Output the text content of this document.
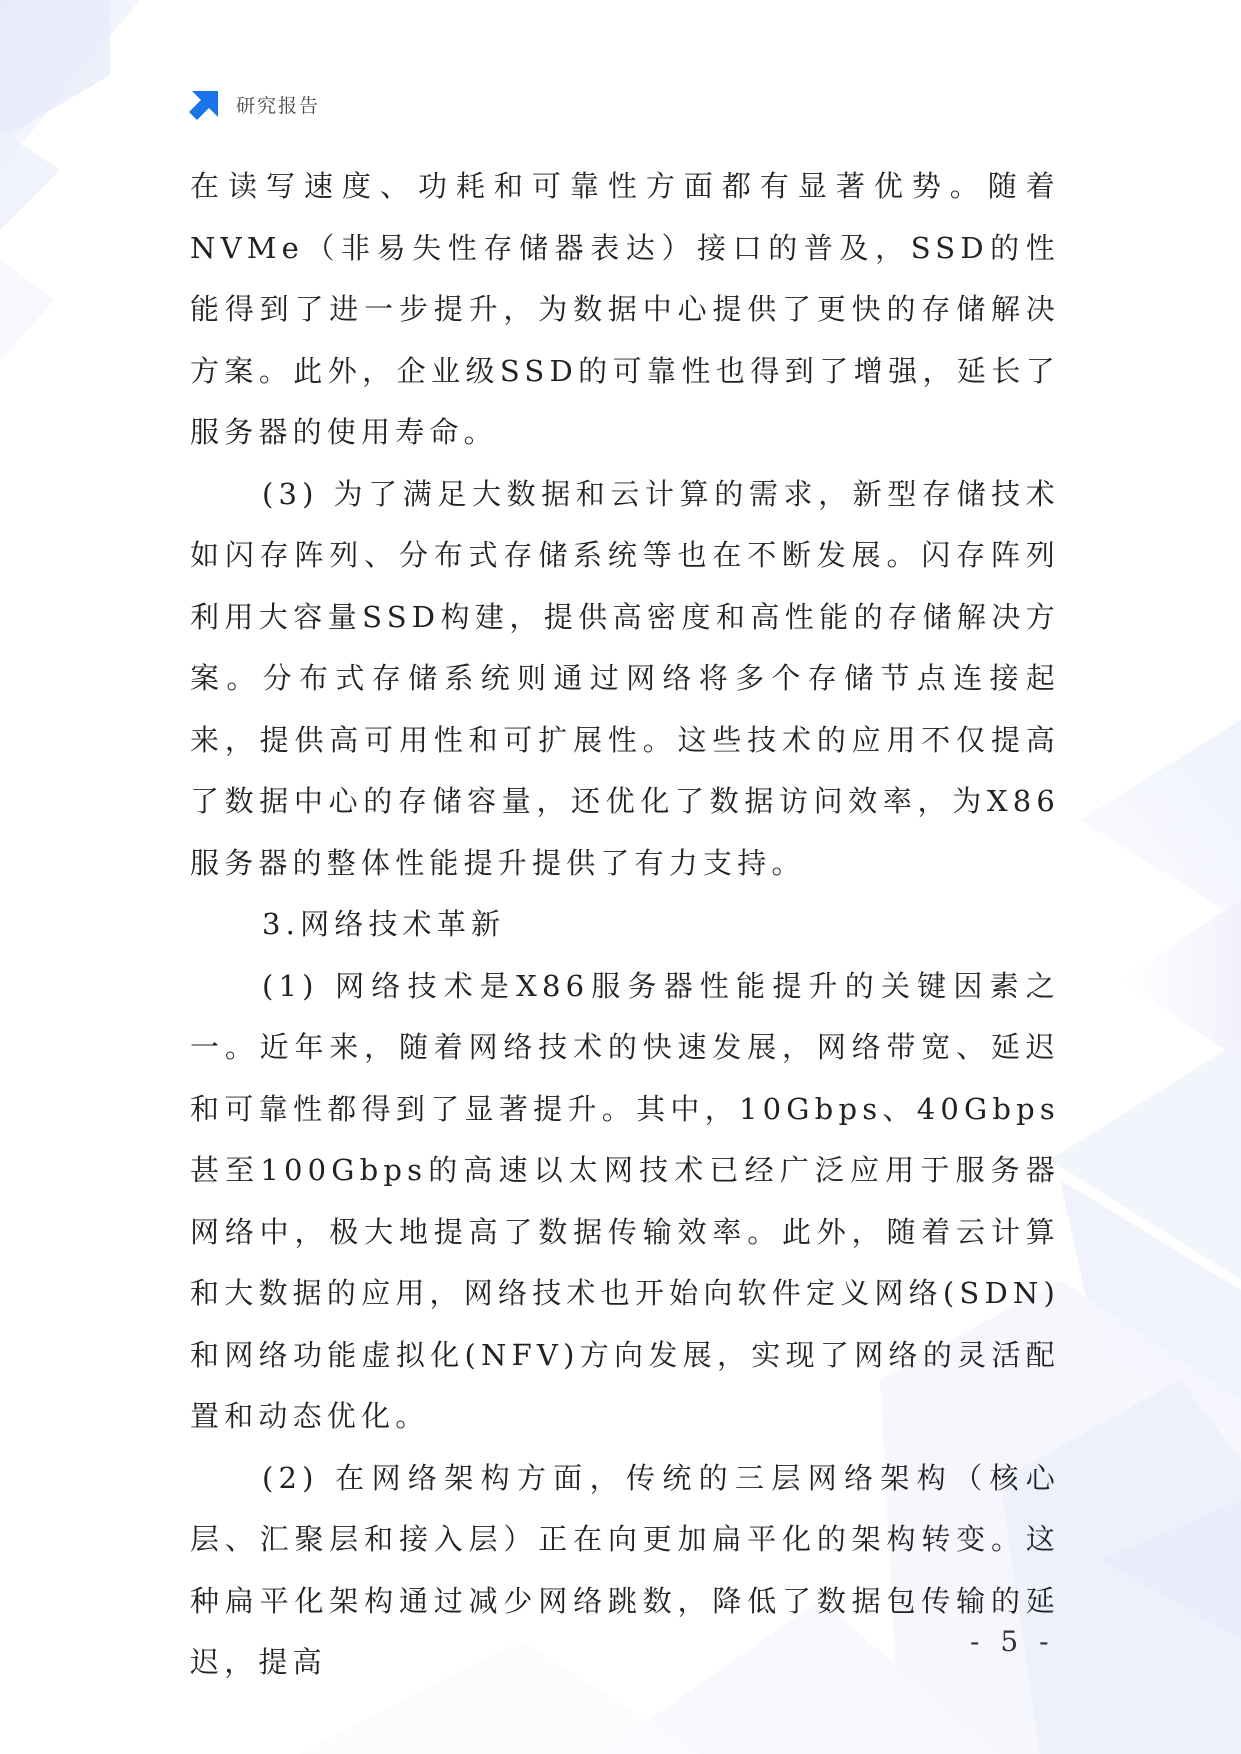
研究报告

在读写速度、功耗和可靠性方面都有显著优势。随着NVMe（非易失性存储器表达）接口的普及，SSD的性能得到了进一步提升，为数据中心提供了更快的存储解决方案。此外，企业级SSD的可靠性也得到了增强，延长了服务器的使用寿命。

(3) 为了满足大数据和云计算的需求，新型存储技术如闪存阵列、分布式存储系统等也在不断发展。闪存阵列利用大容量SSD构建，提供高密度和高性能的存储解决方案。分布式存储系统则通过网络将多个存储节点连接起来，提供高可用性和可扩展性。这些技术的应用不仅提高了数据中心的存储容量，还优化了数据访问效率，为X86服务器的整体性能提升提供了有力支持。

3.网络技术革新

(1) 网络技术是X86服务器性能提升的关键因素之一。近年来，随着网络技术的快速发展，网络带宽、延迟和可靠性都得到了显著提升。其中，10Gbps、40Gbps甚至100Gbps的高速以太网技术已经广泛应用于服务器网络中，极大地提高了数据传输效率。此外，随着云计算和大数据的应用，网络技术也开始向软件定义网络(SDN)和网络功能虚拟化(NFV)方向发展，实现了网络的灵活配置和动态优化。

(2) 在网络架构方面，传统的三层网络架构（核心层、汇聚层和接入层）正在向更加扁平化的架构转变。这种扁平化架构通过减少网络跳数，降低了数据包传输的延迟，提高

- 5 -
